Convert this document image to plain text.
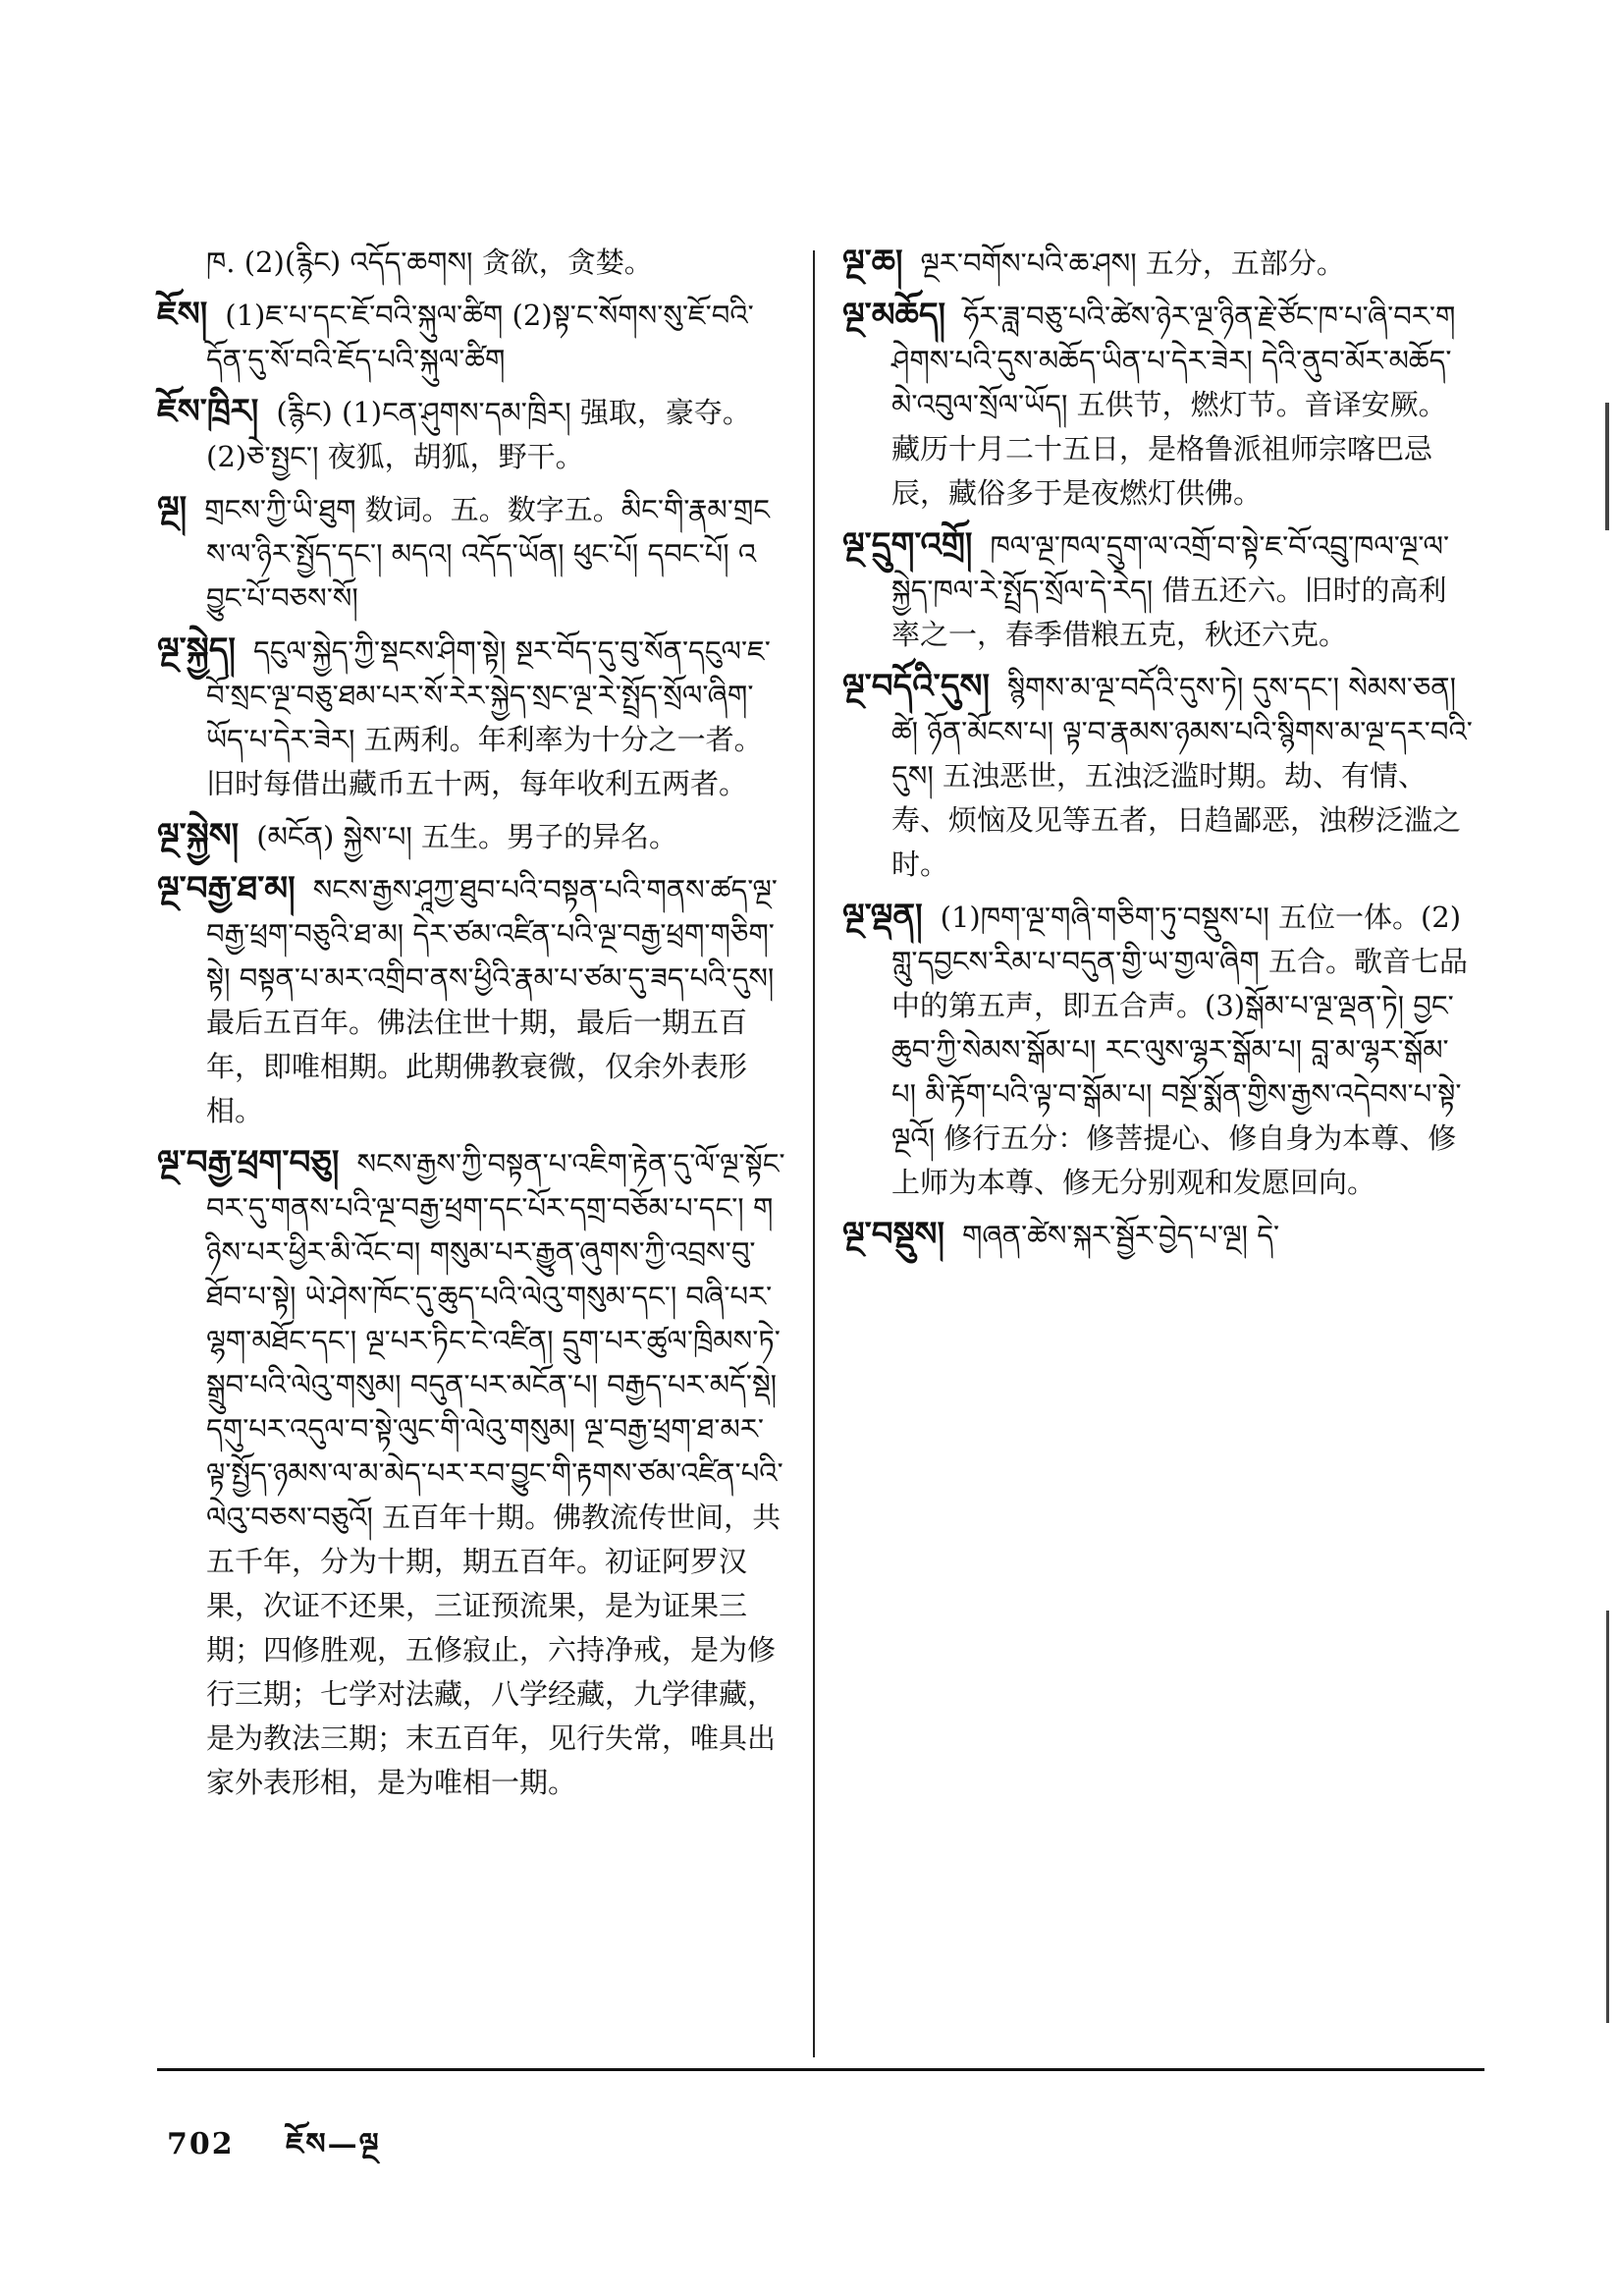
ཁ. (2)(རྙིང) འདོད་ཆགས། 贪欲，贪婪。

ཇོས། (1)ཇ་པ་དང་ཇོ་བའི་སྐུལ་ཚིག (2)སྟ་ང་སོགས་སུ་ཇོ་བའི་དོན་དུ་སོ་བའི་ཇོད་པའི་སྐུལ་ཚིག

ཇོས་ཁྲིར། (རྙིང) (1)ངན་ཤུགས་དམ་ཁྲིར། 强取，豪夺。(2)ཅེ་སྤྱང་། 夜狐，胡狐，野干。

ལྔ། གྲངས་ཀྱི་ཡི་ཐུག 数词。五。数字五。མིང་གི་རྣམ་གྲངས་ལ་ཉིར་སྤྱོད་དང་། མདའ། འདོད་ཡོན། ཕུང་པོ། དབང་པོ། འབྱུང་པོ་བཅས་སོ།

ལྔ་སྐྱེད། དངུལ་སྐྱེད་ཀྱི་སྡངས་ཤིག་སྟེ། སྔར་བོད་དུ་བུ་སོན་དངུལ་ཇ་བོ་སྲང་ལྔ་བཅུ་ཐམ་པར་སོ་རེར་སྐྱེད་སྲང་ལྔ་རེ་སྤྲོད་སྲོལ་ཞིག་ཡོད་པ་དེར་ཟེར། 五两利。年利率为十分之一者。旧时每借出藏币五十两，每年收利五两者。

ལྔ་སྐྱེས། (མངོན) སྐྱེས་པ། 五生。男子的异名。

ལྔ་བརྒྱ་ཐ་མ། སངས་རྒྱས་ཤཱཀྱ་ཐུབ་པའི་བསྟན་པའི་གནས་ཚད་ལྔ་བརྒྱ་ཕྲག་བཅུའི་ཐ་མ། དེར་ཙམ་འཛིན་པའི་ལྔ་བརྒྱ་ཕྲག་གཅིག་སྟེ། བསྟན་པ་མར་འགྲིབ་ནས་ཕྱིའི་རྣམ་པ་ཙམ་དུ་ཟད་པའི་དུས། 最后五百年。佛法住世十期，最后一期五百年，即唯相期。此期佛教衰微，仅余外表形相。

ལྔ་བརྒྱ་ཕྲག་བཅུ། སངས་རྒྱས་ཀྱི་བསྟན་པ་འཇིག་རྟེན་དུ་ལོ་ལྔ་སྟོང་བར་དུ་གནས་པའི་ལྔ་བརྒྱ་ཕྲག་དང་པོར་དགྲ་བཅོམ་པ་དང་། གཉིས་པར་ཕྱིར་མི་འོང་བ། གསུམ་པར་རྒྱུན་ཞུགས་ཀྱི་འབྲས་བུ་ཐོབ་པ་སྟེ། ཡེ་ཤེས་ཁོང་དུ་ཆུད་པའི་ལེའུ་གསུམ་དང་། བཞི་པར་ལྷག་མཐོང་དང་། ལྔ་པར་ཏིང་ངེ་འཛིན། དྲུག་པར་ཚུལ་ཁྲིམས་ཏེ་སྒྲུབ་པའི་ལེའུ་གསུམ། བདུན་པར་མངོན་པ། བརྒྱད་པར་མདོ་སྡེ། དགུ་པར་འདུལ་བ་སྟེ་ལུང་གི་ལེའུ་གསུམ། ལྔ་བརྒྱ་ཕྲག་ཐ་མར་ལྟ་སྤྱོད་ཉམས་ལ་མ་མེད་པར་རབ་བྱུང་གི་རྟགས་ཙམ་འཛིན་པའི་ལེའུ་བཅས་བཅུའོ། 五百年十期。佛教流传世间，共五千年，分为十期，期五百年。初证阿罗汉果，次证不还果，三证预流果，是为证果三期；四修胜观，五修寂止，六持净戒，是为修行三期；七学对法藏，八学经藏，九学律藏，是为教法三期；末五百年，见行失常，唯具出家外表形相，是为唯相一期。

ལྔ་ཆ། ལྔར་བགོས་པའི་ཆ་ཤས། 五分，五部分。

ལྔ་མཆོད། ཧོར་ཟླ་བཅུ་པའི་ཚེས་ཉེར་ལྔ་ཉིན་རྗེ་ཙོང་ཁ་པ་ཞི་བར་གཤེགས་པའི་དུས་མཆོད་ཡིན་པ་དེར་ཟེར། དེའི་ནུབ་མོར་མཆོད་མེ་འབུལ་སྲོལ་ཡོད། 五供节，燃灯节。音译安厥。藏历十月二十五日，是格鲁派祖师宗喀巴忌辰，藏俗多于是夜燃灯供佛。

ལྔ་དྲུག་འགྲོ། ཁལ་ལྔ་ཁལ་དྲུག་ལ་འགྲོ་བ་སྟེ་ཇ་བོ་འབྲུ་ཁལ་ལྔ་ལ་སྐྱེད་ཁལ་རེ་སྤྲོད་སྲོལ་དེ་རེད། 借五还六。旧时的高利率之一，春季借粮五克，秋还六克。

ལྔ་བདོའི་དུས། སྙིགས་མ་ལྔ་བདོའི་དུས་ཏེ། དུས་དང་། སེམས་ཅན། ཚེ། ཉོན་མོངས་པ། ལྟ་བ་རྣམས་ཉམས་པའི་སྙིགས་མ་ལྔ་དར་བའི་དུས། 五浊恶世，五浊泛滥时期。劫、有情、寿、烦恼及见等五者，日趋鄙恶，浊秽泛滥之时。

ལྔ་ལྡན། (1)ཁག་ལྔ་གཞི་གཅིག་ཏུ་བསྡུས་པ། 五位一体。(2)གླུ་དབྱངས་རིམ་པ་བདུན་གྱི་ཡ་གྱལ་ཞིག 五合。歌音七品中的第五声，即五合声。(3)སྒོམ་པ་ལྔ་ལྡན་ཏེ། བྱང་ཆུབ་ཀྱི་སེམས་སྒོམ་པ། རང་ལུས་ལྷར་སྒོམ་པ། བླ་མ་ལྷར་སྒོམ་པ། མི་རྟོག་པའི་ལྟ་བ་སྒོམ་པ། བསྔོ་སྨོན་གྱིས་རྒྱས་འདེབས་པ་སྟེ་ལྔའོ། 修行五分：修菩提心、修自身为本尊、修上师为本尊、修无分别观和发愿回向。

ལྔ་བསྡུས། གཞན་ཚེས་སྐར་སྦྱོར་བྱེད་པ་ལྔ། དེ་

702 ཇོས—ལྔ
